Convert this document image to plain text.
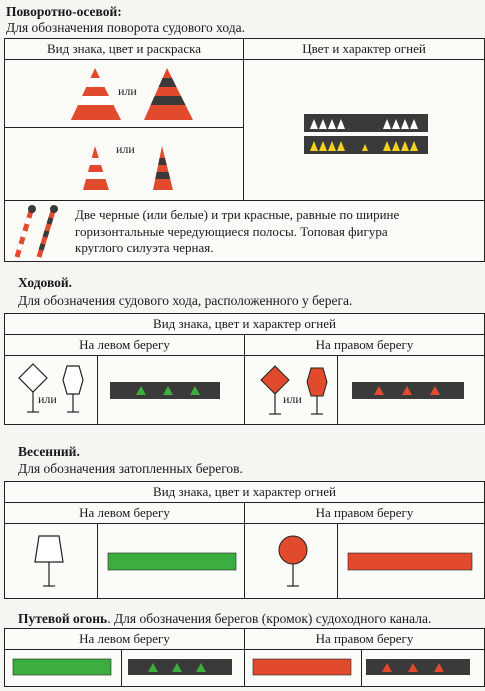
Поворотно-осевой:
Для обозначения поворота судового хода.
Вид знака, цвет и раскраска	Цвет и характер огней

или

или	

Две черные (или белые) и три красные, равные по ширине горизонтальные чередующиеся полосы. Топовая фигура круглого силуэта черная.	
Ходовой.
Для обозначения судового хода, расположенного у берега.
Вид знака, цвет и характер огней			
На левом берегу		На правом берегу	

или		или

Весенний.
Для обозначения затопленных берегов.
Вид знака, цвет и характер огней			
На левом берегу		На правом берегу	

Путевой огонь. Для обозначения берегов (кромок) судоходного канала.
На левом берегу		На правом берегу	
